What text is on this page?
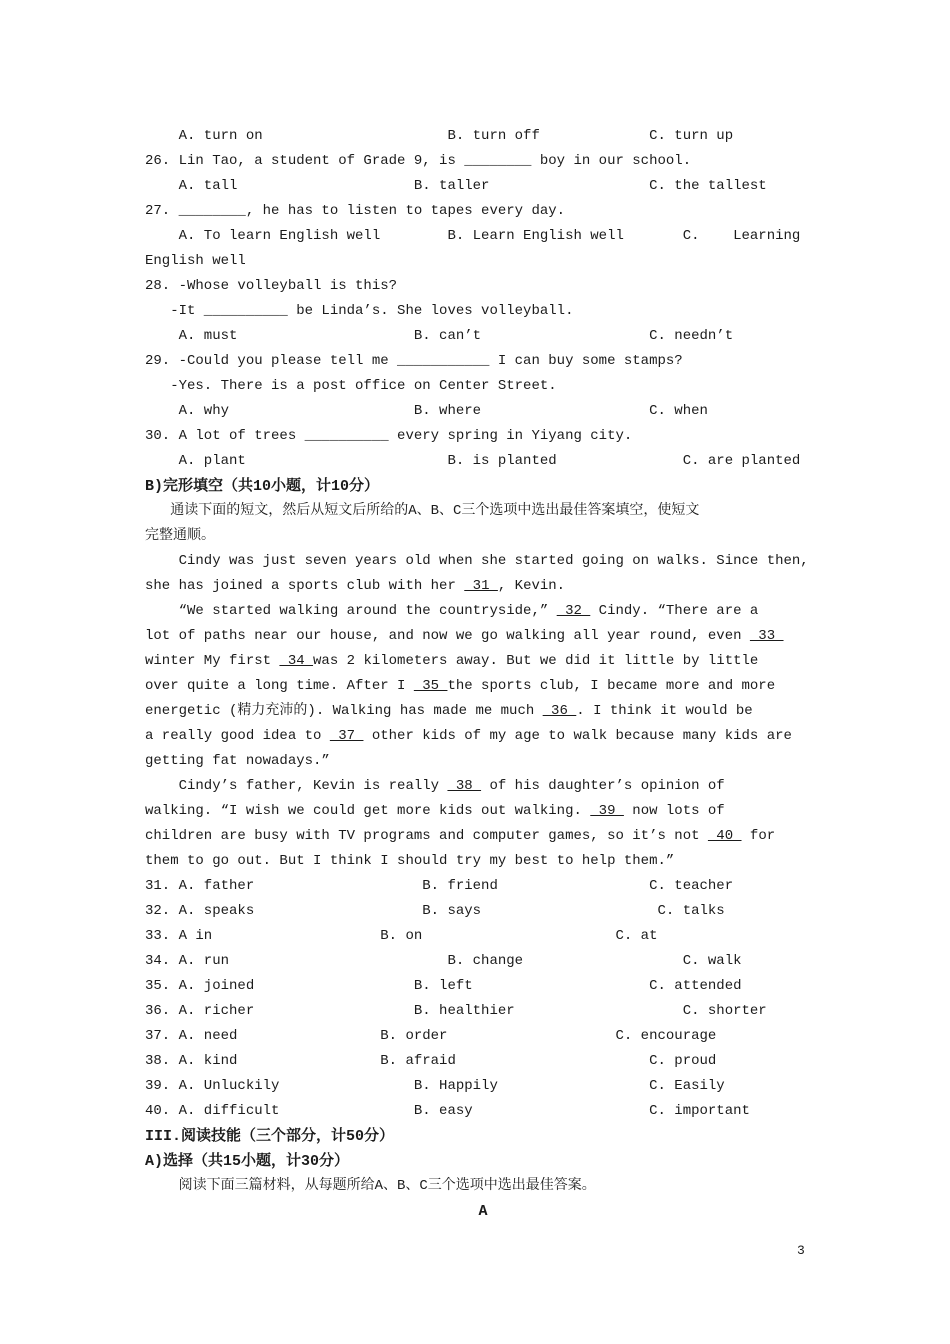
A. turn on                      B. turn off             C. turn up
26. Lin Tao, a student of Grade 9, is ________ boy in our school.
A. tall                     B. taller                   C. the tallest
27. ________, he has to listen to tapes every day.
A. To learn English well        B. Learn English well       C.    Learning
English well
28. -Whose volleyball is this?
-It __________ be Linda’s. She loves volleyball.
A. must                     B. can’t                    C. needn’t
29. -Could you please tell me ___________ I can buy some stamps?
-Yes. There is a post office on Center Street.
A. why                      B. where                    C. when
30. A lot of trees __________ every spring in Yiyang city.
A. plant                        B. is planted               C. are planted
B)完形填空（共10小题，计10分）
通读下面的短文，然后从短文后所给的A、B、C三个选项中选出最佳答案填空，使短文
完整通顺。
Cindy was just seven years old when she started going on walks. Since then,
she has joined a sports club with her  31 , Kevin.
“We started walking around the countryside,”  32  Cindy. “There are a
lot of paths near our house, and now we go walking all year round, even  33
winter My first  34 was 2 kilometers away. But we did it little by little
over quite a long time. After I  35 the sports club, I became more and more
energetic (精力充沛的). Walking has made me much  36 . I think it would be
a really good idea to  37  other kids of my age to walk because many kids are
getting fat nowadays.”
Cindy’s father, Kevin is really  38  of his daughter’s opinion of
walking. “I wish we could get more kids out walking.  39  now lots of
children are busy with TV programs and computer games, so it’s not  40  for
them to go out. But I think I should try my best to help them.”
31. A. father                    B. friend                  C. teacher
32. A. speaks                    B. says                     C. talks
33. A in                    B. on                       C. at
34. A. run                          B. change                   C. walk
35. A. joined                   B. left                     C. attended
36. A. richer                   B. healthier                    C. shorter
37. A. need                 B. order                    C. encourage
38. A. kind                 B. afraid                       C. proud
39. A. Unluckily                B. Happily                  C. Easily
40. A. difficult                B. easy                     C. important
III.阅读技能（三个部分，计50分）
A)选择（共15小题，计30分）
阅读下面三篇材料，从每题所给A、B、C三个选项中选出最佳答案。
A
3
